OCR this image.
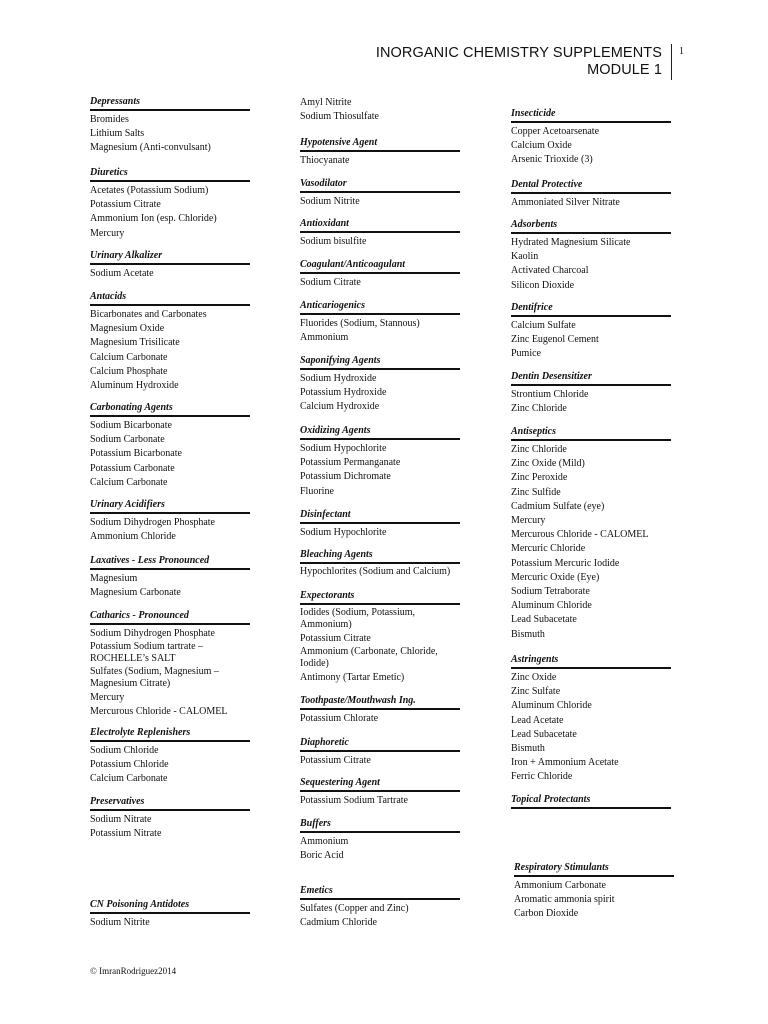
INORGANIC CHEMISTRY SUPPLEMENTS
MODULE 1
1
Depressants
Bromides
Lithium Salts
Magnesium (Anti-convulsant)
Diuretics
Acetates (Potassium Sodium)
Potassium Citrate
Ammonium Ion (esp. Chloride)
Mercury
Urinary Alkalizer
Sodium Acetate
Antacids
Bicarbonates and Carbonates
Magnesium Oxide
Magnesium Trisilicate
Calcium Carbonate
Calcium Phosphate
Aluminum Hydroxide
Carbonating Agents
Sodium Bicarbonate
Sodium Carbonate
Potassium Bicarbonate
Potassium Carbonate
Calcium Carbonate
Urinary Acidifiers
Sodium Dihydrogen Phosphate
Ammonium Chloride
Laxatives - Less Pronounced
Magnesium
Magnesium Carbonate
Catharics - Pronounced
Sodium Dihydrogen Phosphate
Potassium Sodium tartrate – ROCHELLE’s SALT
Sulfates (Sodium, Magnesium – Magnesium Citrate)
Mercury
Mercurous Chloride - CALOMEL
Electrolyte Replenishers
Sodium Chloride
Potassium Chloride
Calcium Carbonate
Preservatives
Sodium Nitrate
Potassium Nitrate
CN Poisoning Antidotes
Sodium Nitrite
Amyl Nitrite
Sodium Thiosulfate
Hypotensive Agent
Thiocyanate
Vasodilator
Sodium Nitrite
Antioxidant
Sodium bisulfite
Coagulant/Anticoagulant
Sodium Citrate
Anticariogenics
Fluorides (Sodium, Stannous)
Ammonium
Saponifying Agents
Sodium Hydroxide
Potassium Hydroxide
Calcium Hydroxide
Oxidizing Agents
Sodium Hypochlorite
Potassium Permanganate
Potassium Dichromate
Fluorine
Disinfectant
Sodium Hypochlorite
Bleaching Agents
Hypochlorites (Sodium and Calcium)
Expectorants
Iodides (Sodium, Potassium, Ammonium)
Potassium Citrate
Ammonium (Carbonate, Chloride, Iodide)
Antimony (Tartar Emetic)
Toothpaste/Mouthwash Ing.
Potassium Chlorate
Diaphoretic
Potassium Citrate
Sequestering Agent
Potassium Sodium Tartrate
Buffers
Ammonium
Boric Acid
Emetics
Sulfates (Copper and Zinc)
Cadmium Chloride
Insecticide
Copper Acetoarsenate
Calcium Oxide
Arsenic Trioxide (3)
Dental Protective
Ammoniated Silver Nitrate
Adsorbents
Hydrated Magnesium Silicate
Kaolin
Activated Charcoal
Silicon Dioxide
Dentifrice
Calcium Sulfate
Zinc Eugenol Cement
Pumice
Dentin Desensitizer
Strontium Chloride
Zinc Chloride
Antiseptics
Zinc Chloride
Zinc Oxide (Mild)
Zinc Peroxide
Zinc Sulfide
Cadmium Sulfate (eye)
Mercury
Mercurous Chloride - CALOMEL
Mercuric Chloride
Potassium Mercuric Iodide
Mercuric Oxide (Eye)
Sodium Tetraborate
Aluminum Chloride
Lead Subacetate
Bismuth
Astringents
Zinc Oxide
Zinc Sulfate
Aluminum Chloride
Lead Acetate
Lead Subacetate
Bismuth
Iron + Ammonium Acetate
Ferric Chloride
Topical Protectants
Respiratory Stimulants
Ammonium Carbonate
Aromatic ammonia spirit
Carbon Dioxide
© ImranRodriguez2014
